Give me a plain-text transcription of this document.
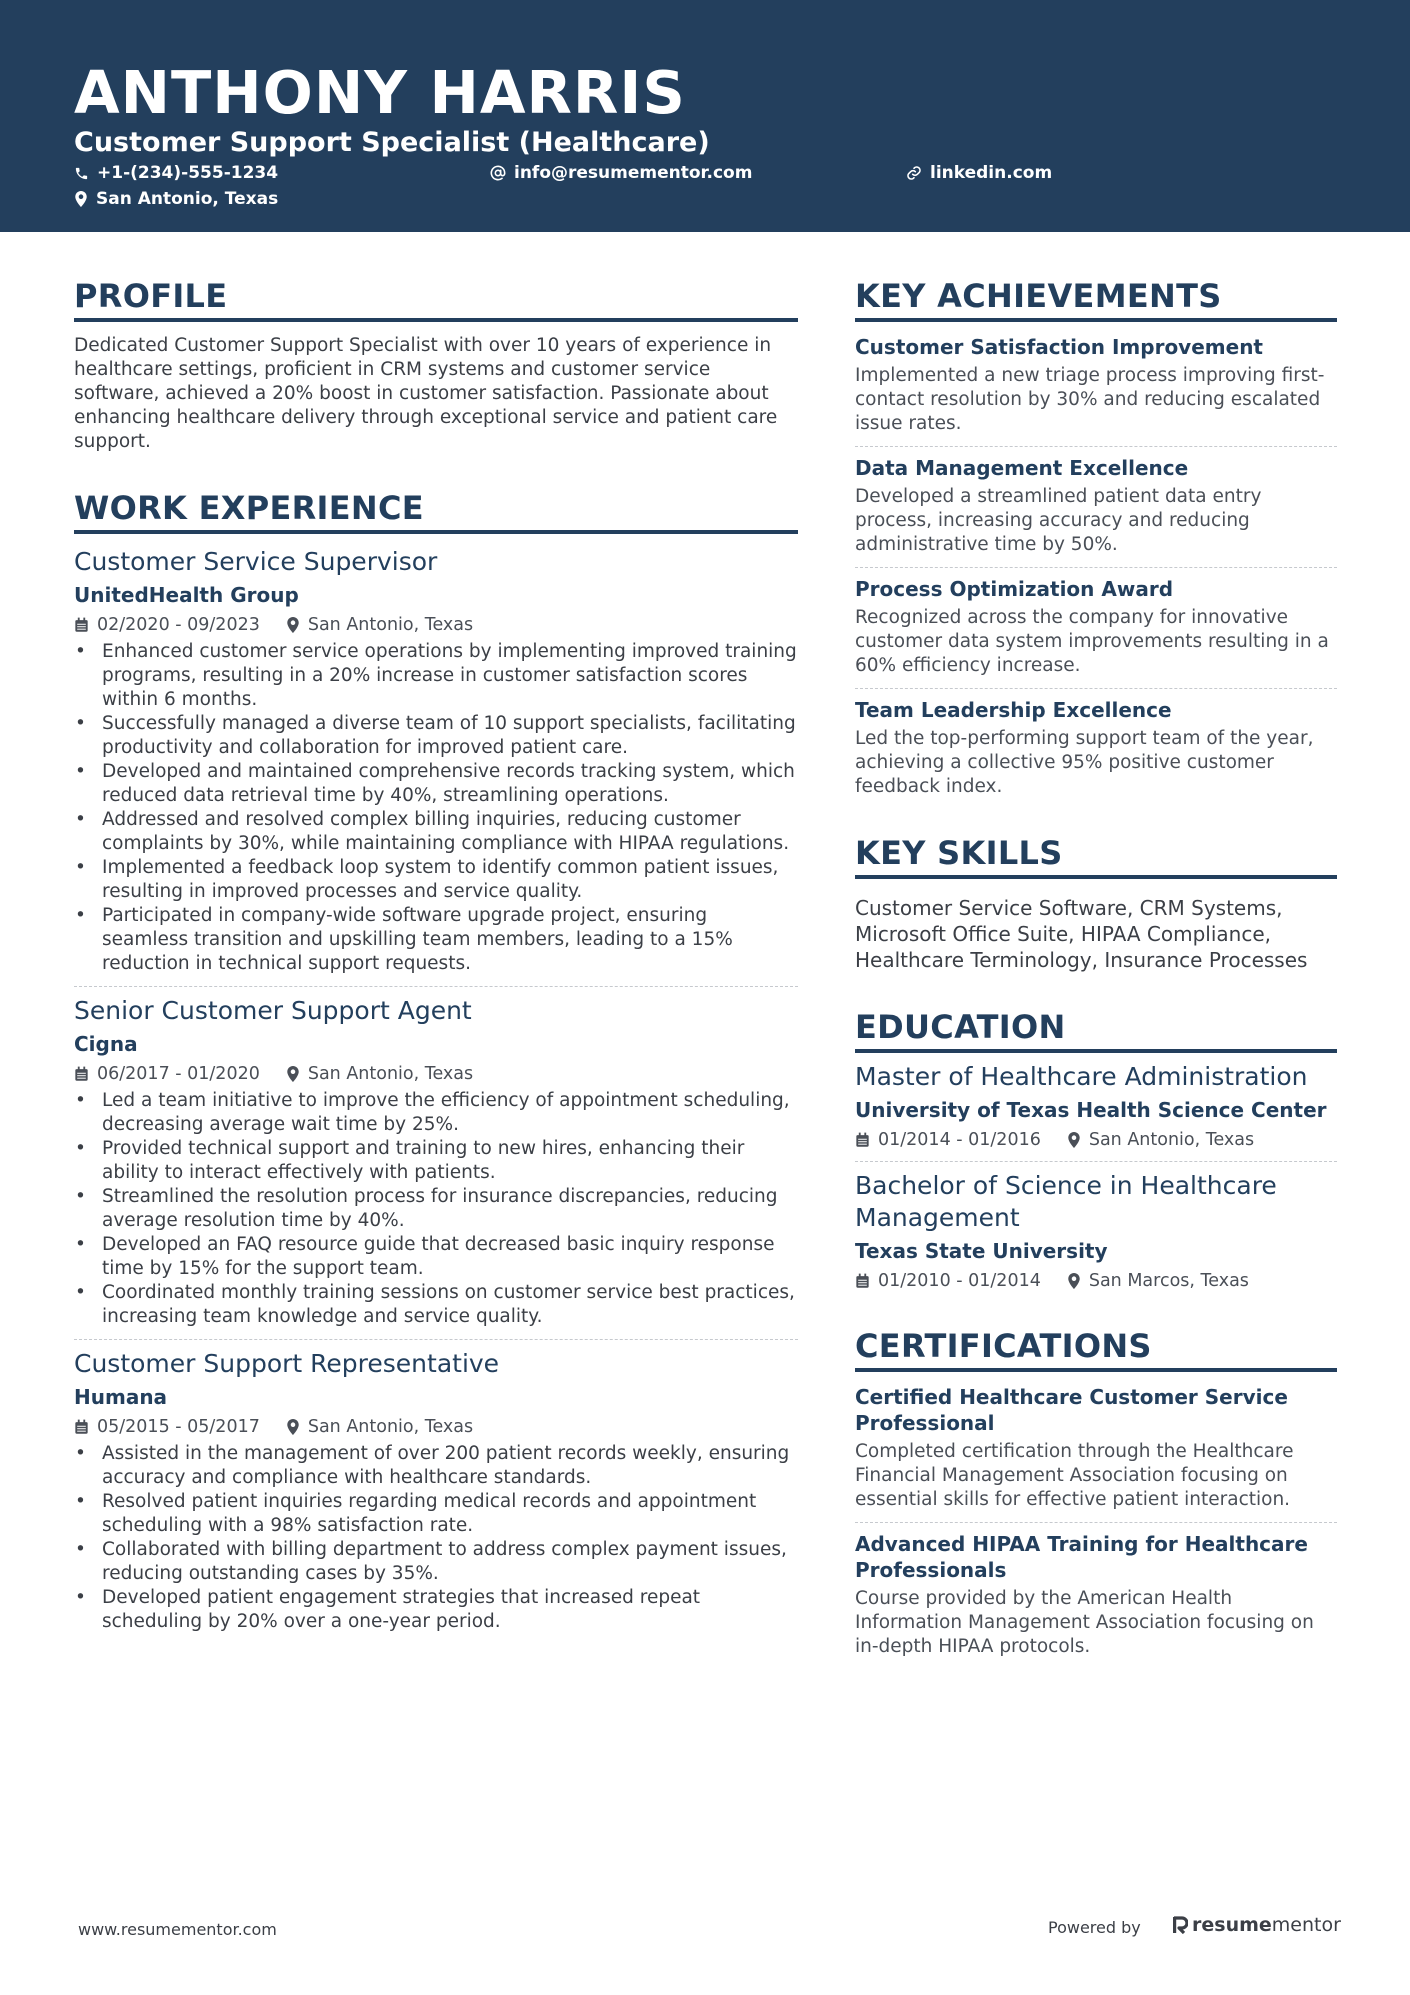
ANTHONY HARRIS
Customer Support Specialist (Healthcare)
+1-(234)-555-1234	info@resumementor.com	linkedin.com
San Antonio, Texas
PROFILE
Dedicated Customer Support Specialist with over 10 years of experience in healthcare settings, proficient in CRM systems and customer service software, achieved a 20% boost in customer satisfaction. Passionate about enhancing healthcare delivery through exceptional service and patient care support.
WORK EXPERIENCE
Customer Service Supervisor
UnitedHealth Group
02/2020 - 09/2023	San Antonio, Texas
• Enhanced customer service operations by implementing improved training programs, resulting in a 20% increase in customer satisfaction scores within 6 months.
• Successfully managed a diverse team of 10 support specialists, facilitating productivity and collaboration for improved patient care.
• Developed and maintained comprehensive records tracking system, which reduced data retrieval time by 40%, streamlining operations.
• Addressed and resolved complex billing inquiries, reducing customer complaints by 30%, while maintaining compliance with HIPAA regulations.
• Implemented a feedback loop system to identify common patient issues, resulting in improved processes and service quality.
• Participated in company-wide software upgrade project, ensuring seamless transition and upskilling team members, leading to a 15% reduction in technical support requests.
Senior Customer Support Agent
Cigna
06/2017 - 01/2020	San Antonio, Texas
• Led a team initiative to improve the efficiency of appointment scheduling, decreasing average wait time by 25%.
• Provided technical support and training to new hires, enhancing their ability to interact effectively with patients.
• Streamlined the resolution process for insurance discrepancies, reducing average resolution time by 40%.
• Developed an FAQ resource guide that decreased basic inquiry response time by 15% for the support team.
• Coordinated monthly training sessions on customer service best practices, increasing team knowledge and service quality.
Customer Support Representative
Humana
05/2015 - 05/2017	San Antonio, Texas
• Assisted in the management of over 200 patient records weekly, ensuring accuracy and compliance with healthcare standards.
• Resolved patient inquiries regarding medical records and appointment scheduling with a 98% satisfaction rate.
• Collaborated with billing department to address complex payment issues, reducing outstanding cases by 35%.
• Developed patient engagement strategies that increased repeat scheduling by 20% over a one-year period.
KEY ACHIEVEMENTS
Customer Satisfaction Improvement
Implemented a new triage process improving first-contact resolution by 30% and reducing escalated issue rates.
Data Management Excellence
Developed a streamlined patient data entry process, increasing accuracy and reducing administrative time by 50%.
Process Optimization Award
Recognized across the company for innovative customer data system improvements resulting in a 60% efficiency increase.
Team Leadership Excellence
Led the top-performing support team of the year, achieving a collective 95% positive customer feedback index.
KEY SKILLS
Customer Service Software, CRM Systems, Microsoft Office Suite, HIPAA Compliance, Healthcare Terminology, Insurance Processes
EDUCATION
Master of Healthcare Administration
University of Texas Health Science Center
01/2014 - 01/2016	San Antonio, Texas
Bachelor of Science in Healthcare Management
Texas State University
01/2010 - 01/2014	San Marcos, Texas
CERTIFICATIONS
Certified Healthcare Customer Service Professional
Completed certification through the Healthcare Financial Management Association focusing on essential skills for effective patient interaction.
Advanced HIPAA Training for Healthcare Professionals
Course provided by the American Health Information Management Association focusing on in-depth HIPAA protocols.
www.resumementor.com	Powered by	resume mentor
